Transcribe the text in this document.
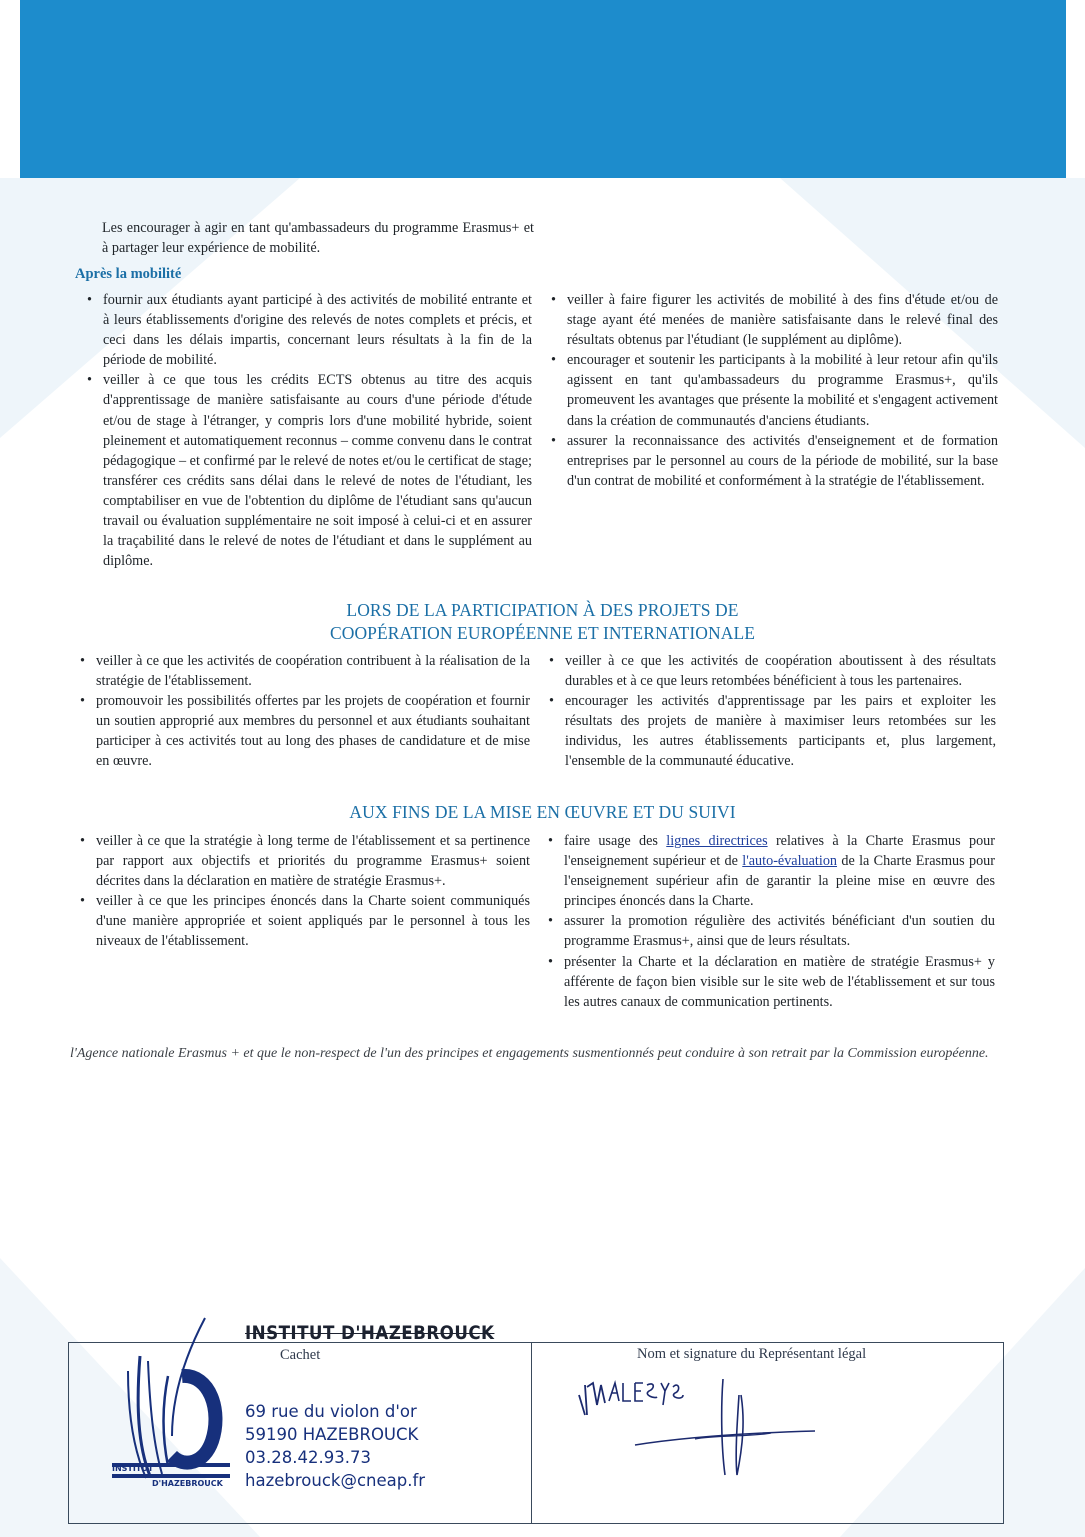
Les encourager à agir en tant qu'ambassadeurs du programme Erasmus+ et à partager leur expérience de mobilité.

Après la mobilité
• fournir aux étudiants ayant participé à des activités de mobilité entrante et à leurs établissements d'origine des relevés de notes complets et précis, et ceci dans les délais impartis, concernant leurs résultats à la fin de la période de mobilité.
• veiller à ce que tous les crédits ECTS obtenus au titre des acquis d'apprentissage de manière satisfaisante au cours d'une période d'étude et/ou de stage à l'étranger, y compris lors d'une mobilité hybride, soient pleinement et automatiquement reconnus – comme convenu dans le contrat pédagogique – et confirmé par le relevé de notes et/ou le certificat de stage; transférer ces crédits sans délai dans le relevé de notes de l'étudiant, les comptabiliser en vue de l'obtention du diplôme de l'étudiant sans qu'aucun travail ou évaluation supplémentaire ne soit imposé à celui-ci et en assurer la traçabilité dans le relevé de notes de l'étudiant et dans le supplément au diplôme.
• veiller à faire figurer les activités de mobilité à des fins d'étude et/ou de stage ayant été menées de manière satisfaisante dans le relevé final des résultats obtenus par l'étudiant (le supplément au diplôme).
• encourager et soutenir les participants à la mobilité à leur retour afin qu'ils agissent en tant qu'ambassadeurs du programme Erasmus+, qu'ils promeuvent les avantages que présente la mobilité et s'engagent activement dans la création de communautés d'anciens étudiants.
• assurer la reconnaissance des activités d'enseignement et de formation entreprises par le personnel au cours de la période de mobilité, sur la base d'un contrat de mobilité et conformément à la stratégie de l'établissement.
LORS DE LA PARTICIPATION À DES PROJETS DE
COOPÉRATION EUROPÉENNE ET INTERNATIONALE
• veiller à ce que les activités de coopération contribuent à la réalisation de la stratégie de l'établissement.
• promouvoir les possibilités offertes par les projets de coopération et fournir un soutien approprié aux membres du personnel et aux étudiants souhaitant participer à ces activités tout au long des phases de candidature et de mise en œuvre.
• veiller à ce que les activités de coopération aboutissent à des résultats durables et à ce que leurs retombées bénéficient à tous les partenaires.
• encourager les activités d'apprentissage par les pairs et exploiter les résultats des projets de manière à maximiser leurs retombées sur les individus, les autres établissements participants et, plus largement, l'ensemble de la communauté éducative.
AUX FINS DE LA MISE EN ŒUVRE ET DU SUIVI
• veiller à ce que la stratégie à long terme de l'établissement et sa pertinence par rapport aux objectifs et priorités du programme Erasmus+ soient décrites dans la déclaration en matière de stratégie Erasmus+.
• veiller à ce que les principes énoncés dans la Charte soient communiqués d'une manière appropriée et soient appliqués par le personnel à tous les niveaux de l'établissement.
• faire usage des lignes directrices relatives à la Charte Erasmus pour l'enseignement supérieur et de l'auto-évaluation de la Charte Erasmus pour l'enseignement supérieur afin de garantir la pleine mise en œuvre des principes énoncés dans la Charte.
• assurer la promotion régulière des activités bénéficiant d'un soutien du programme Erasmus+, ainsi que de leurs résultats.
• présenter la Charte et la déclaration en matière de stratégie Erasmus+ y afférente de façon bien visible sur le site web de l'établissement et sur tous les autres canaux de communication pertinents.

l'Agence nationale Erasmus + et que le non-respect de l'un des principes et engagements susmentionnés peut conduire à son retrait par la Commission européenne.

INSTITUT
D'HAZEBROUCK
INSTITUT D'HAZEBROUCK
Cachet	Nom et signature du Représentant légal
69 rue du violon d'or
59190 HAZEBROUCK
03.28.42.93.73
hazebrouck@cneap.fr
